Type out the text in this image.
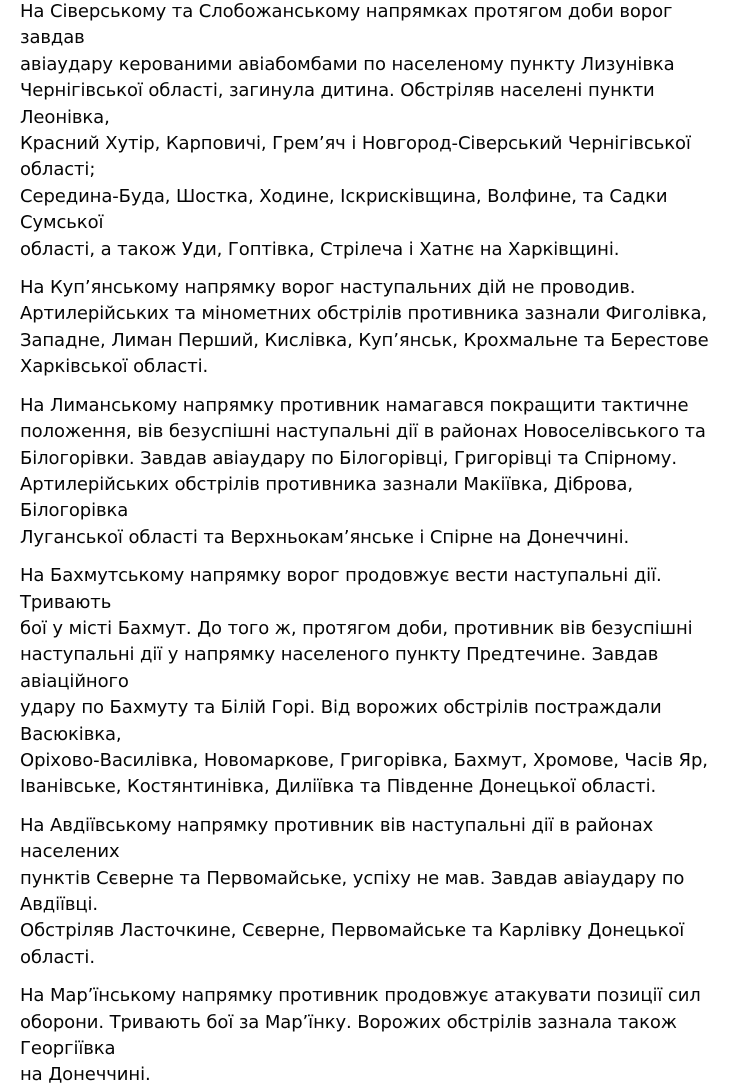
На Сіверському та Слобожанському напрямках протягом доби ворог завдав
авіаудару керованими авіабомбами по населеному пункту Лизунівка
Чернігівської області, загинула дитина. Обстріляв населені пункти Леонівка,
Красний Хутір, Карповичі, Грем’яч і Новгород-Сіверський Чернігівської області;
Середина-Буда, Шостка, Ходине, Іскрисківщина, Волфине, та Садки Сумської
області, а також Уди, Гоптівка, Стрілеча і Хатнє на Харківщині.

На Куп’янському напрямку ворог наступальних дій не проводив.
Артилерійських та мінометних обстрілів противника зазнали Фиголівка,
Западне, Лиман Перший, Кислівка, Куп’янськ, Крохмальне та Берестове
Харківської області.

На Лиманському напрямку противник намагався покращити тактичне
положення, вів безуспішні наступальні дії в районах Новоселівського та
Білогорівки. Завдав авіаудару по Білогорівці, Григорівці та Спірному.
Артилерійських обстрілів противника зазнали Макіївка, Діброва, Білогорівка
Луганської області та Верхньокам’янське і Спірне на Донеччині.

На Бахмутському напрямку ворог продовжує вести наступальні дії. Тривають
бої у місті Бахмут. До того ж, протягом доби, противник вів безуспішні
наступальні дії у напрямку населеного пункту Предтечине. Завдав авіаційного
удару по Бахмуту та Білій Горі. Від ворожих обстрілів постраждали Васюківка,
Оріхово-Василівка, Новомаркове, Григорівка, Бахмут, Хромове, Часів Яр,
Іванівське, Костянтинівка, Диліївка та Південне Донецької області.

На Авдіївському напрямку противник вів наступальні дії в районах населених
пунктів Сєверне та Первомайське, успіху не мав. Завдав авіаудару по Авдіївці.
Обстріляв Ласточкине, Сєверне, Первомайське та Карлівку Донецької області.

На Мар’їнському напрямку противник продовжує атакувати позиції сил
оборони. Тривають бої за Мар’їнку. Ворожих обстрілів зазнала також Георгіївка
на Донеччині.
